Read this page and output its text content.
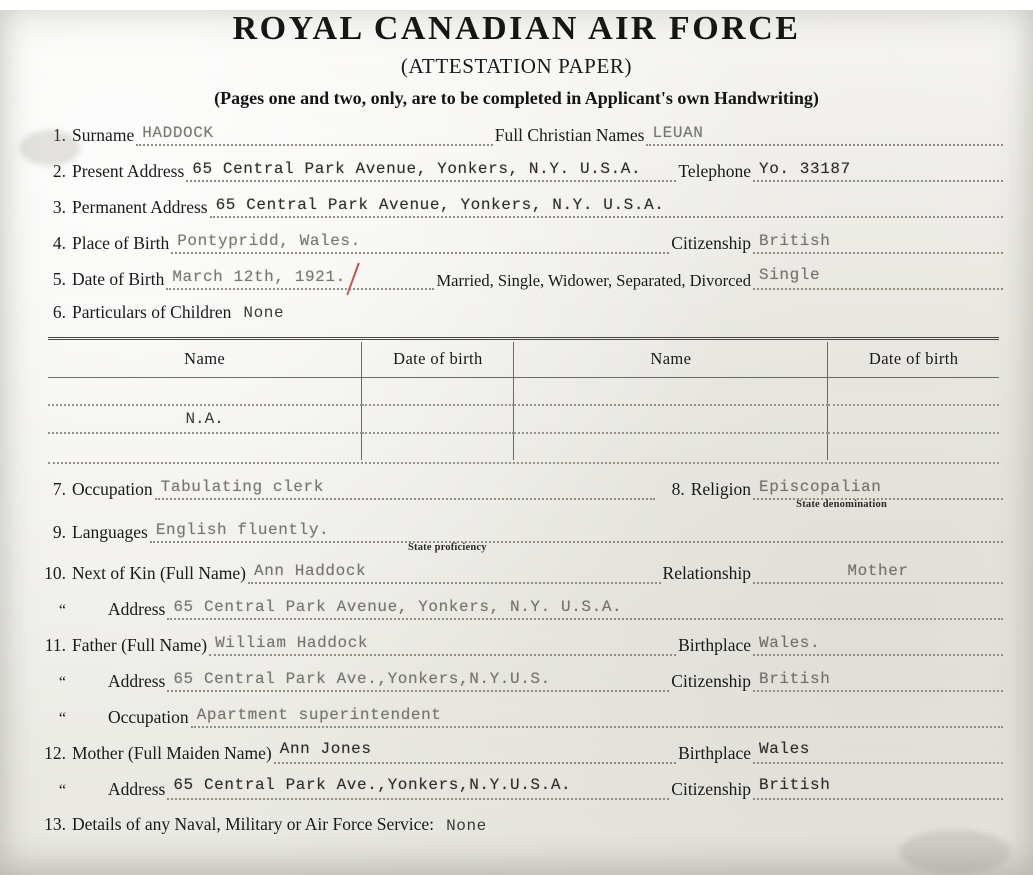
ROYAL CANADIAN AIR FORCE
(ATTESTATION PAPER)
(Pages one and two, only, are to be completed in Applicant's own Handwriting)
1. Surname HADDOCK	Full Christian Names LEUAN
2. Present Address 65 Central Park Avenue, Yonkers, N.Y. U.S.A. Telephone Yo. 33187
3. Permanent Address 65 Central Park Avenue, Yonkers, N.Y. U.S.A.
4. Place of Birth Pontypridd, Wales.	Citizenship British
5. Date of Birth March 12th, 1921.	Married, Single, Widower, Separated, Divorced Single
6. Particulars of Children None
Name	Date of birth	Name	Date of birth

N.A.			

7. Occupation Tabulating clerk	8. Religion Episcopalian
State denomination
9. Languages English fluently.
State proficiency
10. Next of Kin (Full Name) Ann Haddock	Relationship	Mother
“	Address 65 Central Park Avenue, Yonkers, N.Y. U.S.A.
11. Father (Full Name) William Haddock	Birthplace Wales.
“	Address 65 Central Park Ave.,Yonkers,N.Y.U.S.	Citizenship British
“	Occupation Apartment superintendent
12. Mother (Full Maiden Name) Ann Jones	Birthplace Wales
“	Address 65 Central Park Ave.,Yonkers,N.Y.U.S.A.	Citizenship British
13. Details of any Naval, Military or Air Force Service: None
